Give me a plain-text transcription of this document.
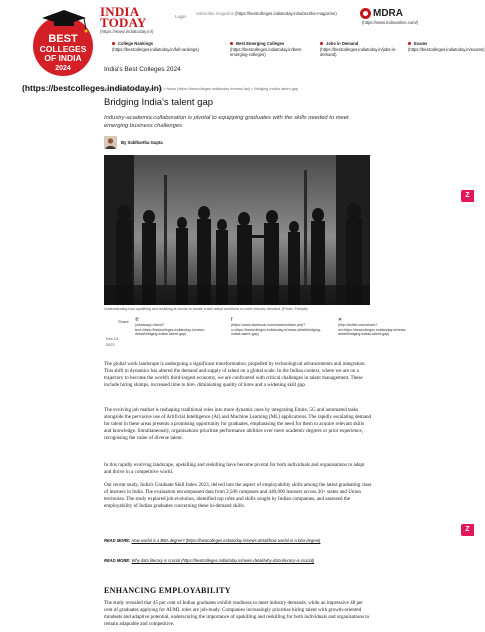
BEST
COLLEGES
OF INDIA
2024
INDIA
TODAY
(https://www.indiatoday.in/)
Login
Subscribe magazine (https://bestcolleges.indiatoday.in/subscribe-magazine)	MDRA
(https://www.mdraonline.com/)
College Rankings
(https://bestcolleges.indiatoday.in/full-rankings)
Best Emerging Colleges
(https://bestcolleges.indiatoday.in/best-emerging-colleges)
Jobs in Demand
(https://bestcolleges.indiatoday.in/jobs-in-demand)
Exams
(https://bestcolleges.indiatoday.in/exams)
India's Best Colleges 2024
(https://bestcolleges.indiatoday.in)
(https://bestcolleges.indiatoday.in/) > News (https://bestcolleges.indiatoday.in/news-list) > Bridging India's talent gap
Bridging India's talent gap

Industry-academia collaboration is pivotal to equipping graduates with the skills needed to meet emerging business challenges

By Siddhartha Gupta
Understanding how upskilling and reskilling is crucial to create a well adept workforce to meet industry demand. (Photo: Freepik)
Share ✆
(whatsapp://send?text=https://bestcolleges.indiatoday.in/news-detail/bridging-indias-talent-gap)
f
(https://www.facebook.com/sharer/sharer.php?u=https://bestcolleges.indiatoday.in/news-detail/bridging-indias-talent-gap)
✕
(http://twitter.com/share?url=https://bestcolleges.indiatoday.in/news-detail/bridging-indias-talent-gap)
Dec 13, 2023

The global work landscape is undergoing a significant transformation, propelled by technological advancements and integration. This shift in dynamics has altered the demand and supply of talent on a global scale. In the Indian context, where we are on a trajectory to become the world's third-largest economy, we are confronted with critical challenges in talent management. These include hiring slumps, increased time to hire, diminishing quality of hires and a widening skill gap.

The evolving job market is reshaping traditional roles into more dynamic ones by integrating Emite, 5G and automated tasks alongside the pervasive use of Artificial Intelligence (AI) and Machine Learning (ML) applications. The rapidly escalating demand for talent in these areas presents a promising opportunity for graduates, emphasising the need for them to acquire relevant skills and knowledge. Simultaneously, organisations prioritise performance abilities over mere academic degrees or prior experience, recognising the value of diverse talent.

In this rapidly evolving landscape, upskilling and reskilling have become pivotal for both individuals and organisations to adapt and thrive in a competitive world.

Our recent study, India's Graduate Skill Index 2023, delved into the aspect of employability skills among the latest graduating class of learners in India. The evaluation encompassed data from 2,500 campuses and 440,000 learners across 30+ states and Union territories. The study explored job evolution, identified top roles and skills sought by Indian companies, and assessed the employability of Indian graduates concerning these in-demand skills.

READ MORE: How useful is a BBA degree? (https://bestcolleges.indiatoday.in/news-detail/how-useful-is-a-bba-degree)
READ MORE: Why data literacy is crucial (https://bestcolleges.indiatoday.in/news-detail/why-data-literacy-is-crucial)
ENHANCING EMPLOYABILITY

The study revealed that 45 per cent of Indian graduates exhibit readiness to meet industry demands, while an impressive 48 per cent of graduates applying for AI/ML roles are job-ready. Companies increasingly prioritise hiring talent with growth-oriented mindsets and adaptive potential, underscoring the importance of upskilling and reskilling for both individuals and organisations to remain adaptable and competitive.

Z
Z
